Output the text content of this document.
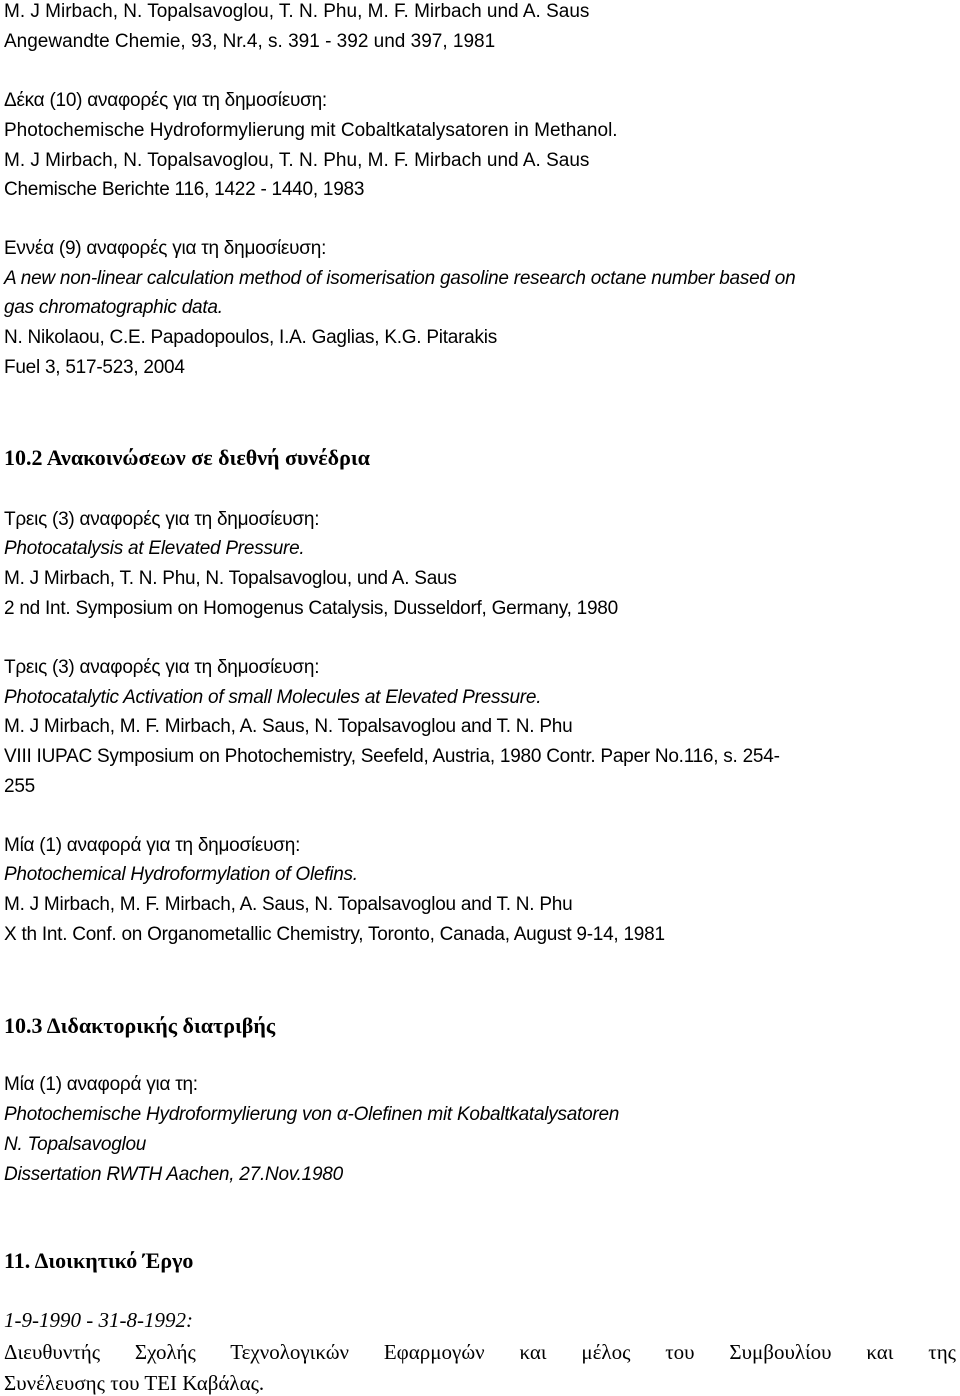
M. J Mirbach, N. Topalsavoglou, T. N. Phu, M. F. Mirbach und A. Saus
Angewandte Chemie, 93, Nr.4, s. 391 - 392 und 397, 1981
Δέκα (10) αναφορές για τη δημοσίευση:
Photochemische Hydroformylierung mit Cobaltkatalysatoren in Methanol.
M. J Mirbach, N. Topalsavoglou, T. N. Phu, M. F. Mirbach und A. Saus
Chemische Berichte 116, 1422 - 1440, 1983
Εννέα (9) αναφορές για τη δημοσίευση:
A new non-linear calculation method of isomerisation gasoline research octane number based on
gas chromatographic data.
N. Nikolaou, C.E. Papadopoulos, I.A. Gaglias, K.G. Pitarakis
Fuel 3, 517-523, 2004
10.2 Ανακοινώσεων σε διεθνή συνέδρια
Τρεις (3) αναφορές για τη δημοσίευση:
Photocatalysis at Elevated Pressure.
M. J Mirbach, T. N. Phu, N. Topalsavoglou, und A. Saus
2 nd Int. Symposium on Homogenus Catalysis, Dusseldorf, Germany, 1980
Τρεις (3) αναφορές για τη δημοσίευση:
Photocatalytic Activation of small Molecules at Elevated Pressure.
M. J Mirbach, M. F. Mirbach, A. Saus, N. Topalsavoglou and T. N. Phu
VIII IUPAC Symposium on Photochemistry, Seefeld, Austria, 1980 Contr. Paper No.116, s. 254-
255
Μία (1) αναφορά για τη δημοσίευση:
Photochemical Hydroformylation of Olefins.
M. J Mirbach, M. F. Mirbach, A. Saus, N. Topalsavoglou and T. N. Phu
X th Int. Conf. on Organometallic Chemistry, Toronto, Canada, August 9-14, 1981
10.3 Διδακτορικής διατριβής
Μία (1) αναφορά για τη:
Photochemische Hydroformylierung von α-Olefinen mit Kobaltkatalysatoren
N. Topalsavoglou
Dissertation RWTH Aachen, 27.Nov.1980
11. Διοικητικό Έργο
1-9-1990 - 31-8-1992:
Διευθυντής Σχολής Τεχνολογικών Εφαρμογών και μέλος του Συμβουλίου και της
Συνέλευσης του ΤΕΙ Καβάλας.
